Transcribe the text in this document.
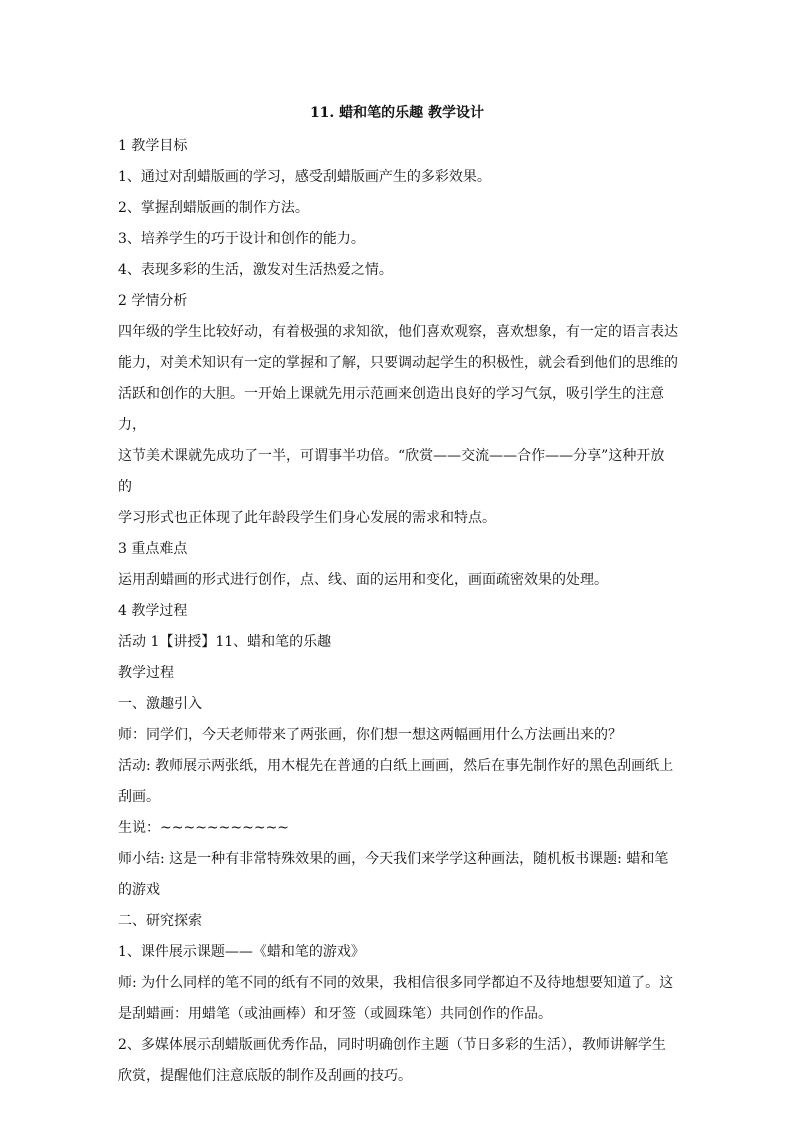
11. 蜡和笔的乐趣 教学设计

1 教学目标

1、通过对刮蜡版画的学习，感受刮蜡版画产生的多彩效果。

2、掌握刮蜡版画的制作方法。

3、培养学生的巧于设计和创作的能力。

4、表现多彩的生活，激发对生活热爱之情。

2 学情分析

四年级的学生比较好动，有着极强的求知欲，他们喜欢观察，喜欢想象，有一定的语言表达

能力，对美术知识有一定的掌握和了解，只要调动起学生的积极性，就会看到他们的思维的

活跃和创作的大胆。一开始上课就先用示范画来创造出良好的学习气氛，吸引学生的注意力，

这节美术课就先成功了一半，可谓事半功倍。“欣赏——交流——合作——分享”这种开放的

学习形式也正体现了此年龄段学生们身心发展的需求和特点。

3 重点难点

运用刮蜡画的形式进行创作，点、线、面的运用和变化，画面疏密效果的处理。

4 教学过程

活动 1【讲授】11、蜡和笔的乐趣

教学过程

一、激趣引入

师：同学们，今天老师带来了两张画，你们想一想这两幅画用什么方法画出来的？

活动: 教师展示两张纸，用木棍先在普通的白纸上画画，然后在事先制作好的黑色刮画纸上

刮画。

生说：~~~~~~~~~~~

师小结: 这是一种有非常特殊效果的画，今天我们来学学这种画法，随机板书课题: 蜡和笔

的游戏

二、研究探索

1、课件展示课题——《蜡和笔的游戏》

师: 为什么同样的笔不同的纸有不同的效果，我相信很多同学都迫不及待地想要知道了。这

是刮蜡画：用蜡笔（或油画棒）和牙签（或圆珠笔）共同创作的作品。

2、多媒体展示刮蜡版画优秀作品，同时明确创作主题（节日多彩的生活），教师讲解学生

欣赏，提醒他们注意底版的制作及刮画的技巧。
